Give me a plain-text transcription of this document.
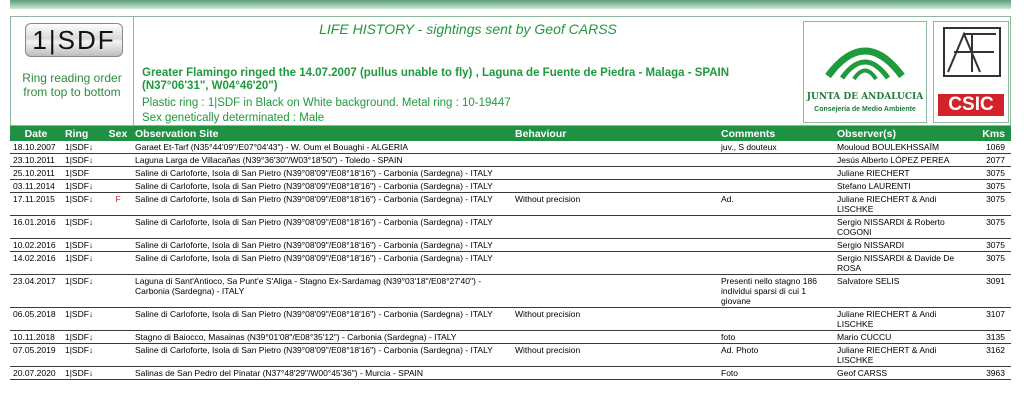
1|SDF
Ring reading order from top to bottom
LIFE HISTORY - sightings sent by Geof CARSS
Greater Flamingo ringed the 14.07.2007 (pullus unable to fly) , Laguna de Fuente de Piedra - Malaga - SPAIN (N37°06'31", W04°46'20")
Plastic ring : 1|SDF in Black on White background. Metal ring : 10-19447
Sex genetically determinated : Male
JUNTA DE ANDALUCIA
Consejería de Medio Ambiente	CSIC
Date	Ring	Sex	Observation Site	Behaviour	Comments	Observer(s)	Kms
18.10.2007	1|SDF↓		Garaet Et-Tarf (N35°44'09"/E07°04'43") - W. Oum el Bouaghi - ALGERIA		juv., S douteux	Mouloud BOULEKHSSAÏM	1069
23.10.2011	1|SDF↓		Laguna Larga de Villacañas (N39°36'30"/W03°18'50") - Toledo - SPAIN			Jesús Alberto LÓPEZ PEREA	2077
25.10.2011	1|SDF		Saline di Carloforte, Isola di San Pietro (N39°08'09"/E08°18'16") - Carbonia (Sardegna) - ITALY			Juliane RIECHERT	3075
03.11.2014	1|SDF↓		Saline di Carloforte, Isola di San Pietro (N39°08'09"/E08°18'16") - Carbonia (Sardegna) - ITALY			Stefano LAURENTI	3075
17.11.2015	1|SDF↓	F	Saline di Carloforte, Isola di San Pietro (N39°08'09"/E08°18'16") - Carbonia (Sardegna) - ITALY	Without precision	Ad.	Juliane RIECHERT & Andi LISCHKE	3075
16.01.2016	1|SDF↓		Saline di Carloforte, Isola di San Pietro (N39°08'09"/E08°18'16") - Carbonia (Sardegna) - ITALY			Sergio NISSARDI & Roberto COGONI	3075
10.02.2016	1|SDF↓		Saline di Carloforte, Isola di San Pietro (N39°08'09"/E08°18'16") - Carbonia (Sardegna) - ITALY			Sergio NISSARDI	3075
14.02.2016	1|SDF↓		Saline di Carloforte, Isola di San Pietro (N39°08'09"/E08°18'16") - Carbonia (Sardegna) - ITALY			Sergio NISSARDI & Davide De ROSA	3075
23.04.2017	1|SDF↓		Laguna di Sant'Antioco, Sa Punt'e S'Aliga - Stagno Ex-Sardamag (N39°03'18"/E08°27'40") - Carbonia (Sardegna) - ITALY		Presenti nello stagno 186 individui sparsi di cui 1 giovane	Salvatore SELIS	3091
06.05.2018	1|SDF↓		Saline di Carloforte, Isola di San Pietro (N39°08'09"/E08°18'16") - Carbonia (Sardegna) - ITALY	Without precision		Juliane RIECHERT & Andi LISCHKE	3107
10.11.2018	1|SDF↓		Stagno di Baiocco, Masainas (N39°01'08"/E08°35'12") - Carbonia (Sardegna) - ITALY		foto	Mario CUCCU	3135
07.05.2019	1|SDF↓		Saline di Carloforte, Isola di San Pietro (N39°08'09"/E08°18'16") - Carbonia (Sardegna) - ITALY	Without precision	Ad. Photo	Juliane RIECHERT & Andi LISCHKE	3162
20.07.2020	1|SDF↓		Salinas de San Pedro del Pinatar (N37°48'29"/W00°45'36") - Murcia - SPAIN		Foto	Geof CARSS	3963
